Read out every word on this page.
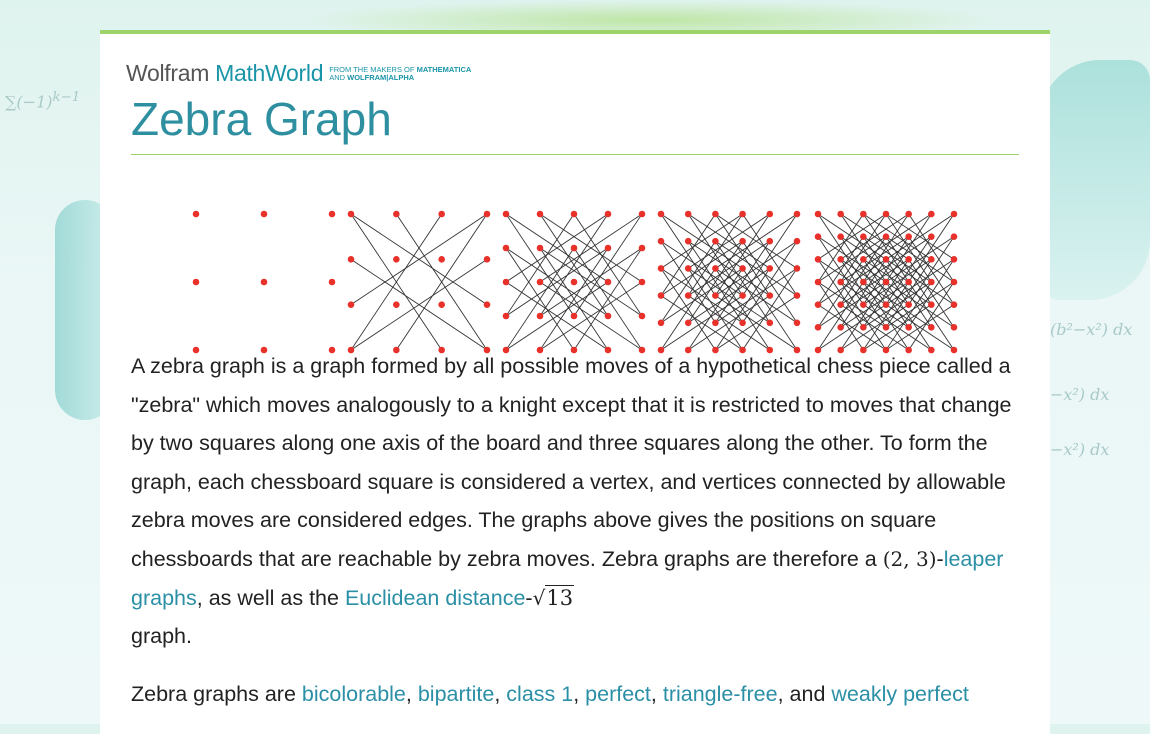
$\sum(-1)^{k-1}$
(b²−x²) dx
−x²) dx
−x²) dx
Wolfram MathWorld FROM THE MAKERS OF MATHEMATICA
AND WOLFRAM|ALPHA
Zebra Graph
A zebra graph is a graph formed by all possible moves of a hypothetical chess piece called a "zebra" which moves analogously to a knight except that it is restricted to moves that change by two squares along one axis of the board and three squares along the other. To form the graph, each chessboard square is considered a vertex, and vertices connected by allowable zebra moves are considered edges. The graphs above gives the positions on square chessboards that are reachable by zebra moves. Zebra graphs are therefore a (2, 3)-leaper graphs, as well as the Euclidean distance-√13
graph.
Zebra graphs are bicolorable, bipartite, class 1, perfect, triangle-free, and weakly perfect
